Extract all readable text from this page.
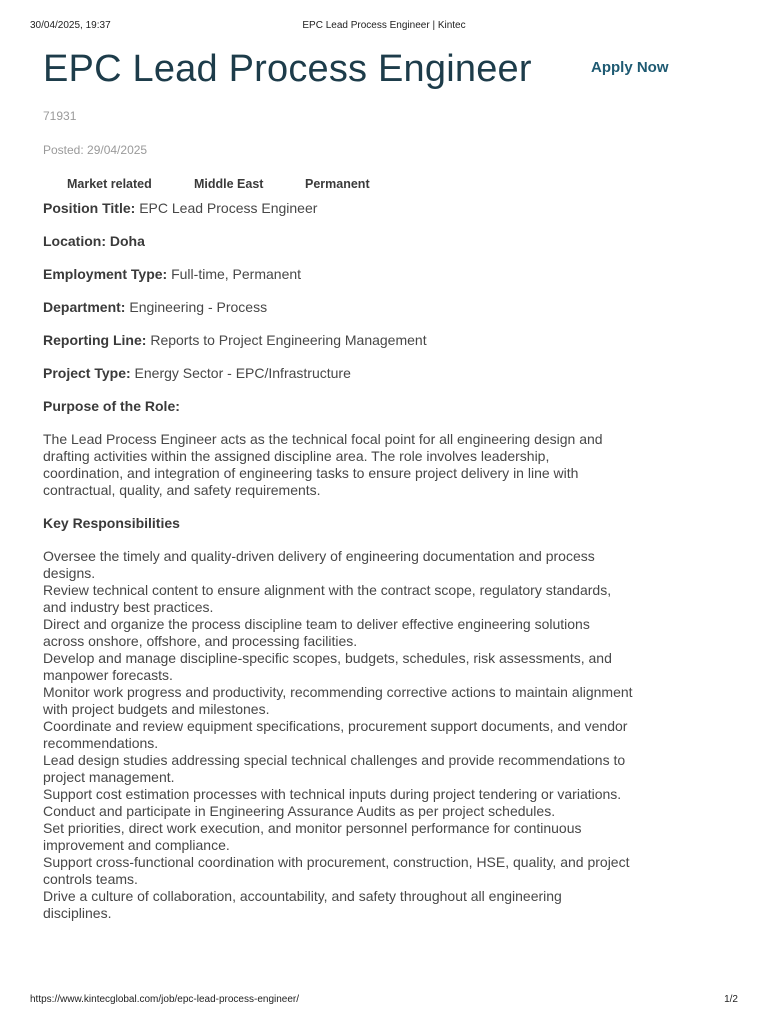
30/04/2025, 19:37	EPC Lead Process Engineer | Kintec
EPC Lead Process Engineer	Apply Now
71931
Posted: 29/04/2025
Market related	Middle East	Permanent

Position Title: EPC Lead Process Engineer

Location: Doha

Employment Type: Full-time, Permanent

Department: Engineering - Process

Reporting Line: Reports to Project Engineering Management

Project Type: Energy Sector - EPC/Infrastructure

Purpose of the Role:

The Lead Process Engineer acts as the technical focal point for all engineering design and drafting activities within the assigned discipline area. The role involves leadership, coordination, and integration of engineering tasks to ensure project delivery in line with contractual, quality, and safety requirements.

Key Responsibilities

Oversee the timely and quality-driven delivery of engineering documentation and process designs.
Review technical content to ensure alignment with the contract scope, regulatory standards, and industry best practices.
Direct and organize the process discipline team to deliver effective engineering solutions across onshore, offshore, and processing facilities.
Develop and manage discipline-specific scopes, budgets, schedules, risk assessments, and manpower forecasts.
Monitor work progress and productivity, recommending corrective actions to maintain alignment with project budgets and milestones.
Coordinate and review equipment specifications, procurement support documents, and vendor recommendations.
Lead design studies addressing special technical challenges and provide recommendations to project management.
Support cost estimation processes with technical inputs during project tendering or variations.
Conduct and participate in Engineering Assurance Audits as per project schedules.
Set priorities, direct work execution, and monitor personnel performance for continuous improvement and compliance.
Support cross-functional coordination with procurement, construction, HSE, quality, and project controls teams.
Drive a culture of collaboration, accountability, and safety throughout all engineering disciplines.
https://www.kintecglobal.com/job/epc-lead-process-engineer/	1/2
